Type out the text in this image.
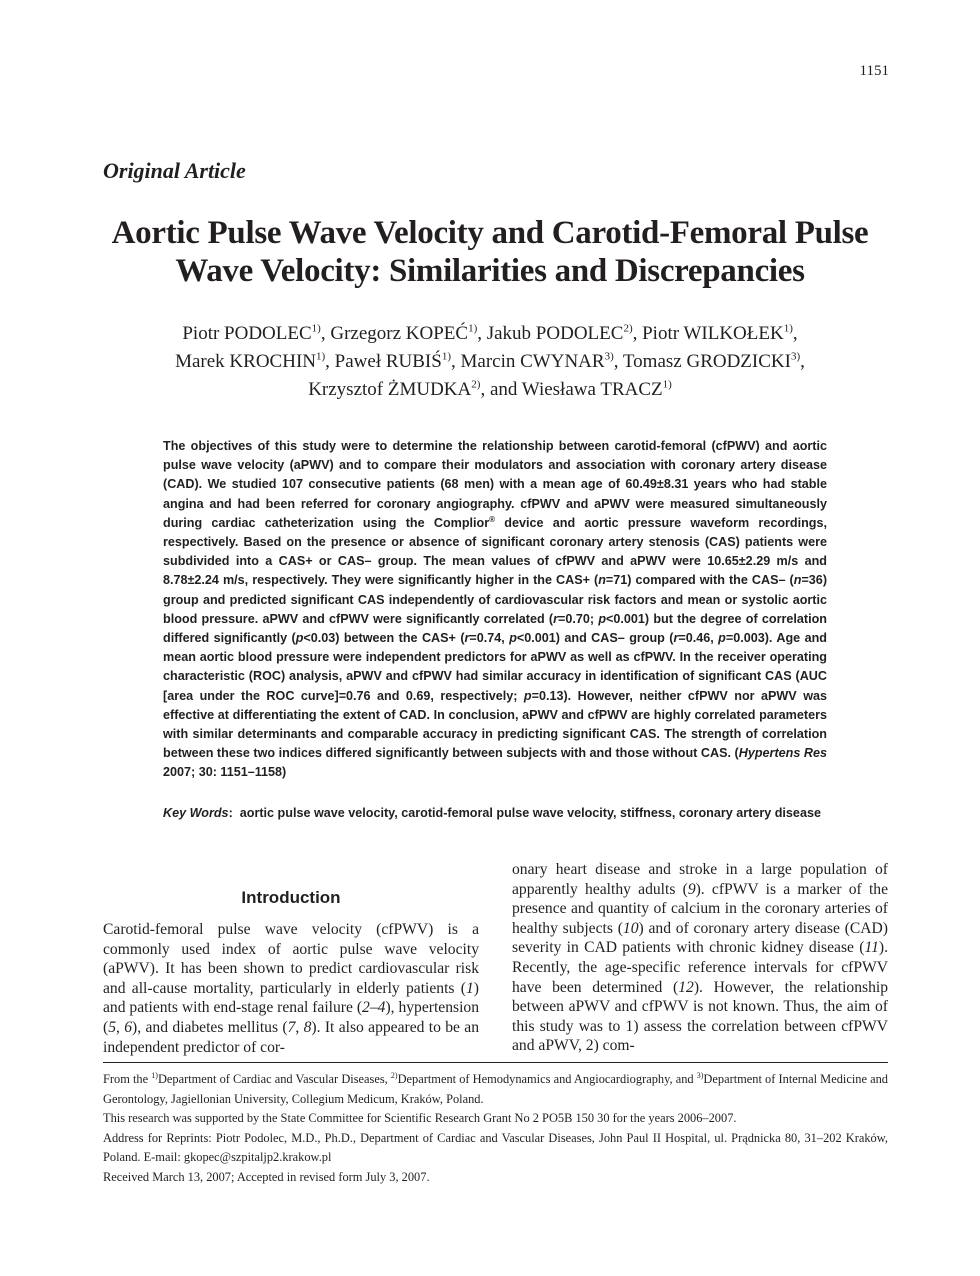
1151
Original Article
Aortic Pulse Wave Velocity and Carotid-Femoral Pulse Wave Velocity: Similarities and Discrepancies
Piotr PODOLEC$^{1)}$, Grzegorz KOPEĆ$^{1)}$, Jakub PODOLEC$^{2)}$, Piotr WILKOŁEK$^{1)}$,
Marek KROCHIN$^{1)}$, Paweł RUBIŚ$^{1)}$, Marcin CWYNAR$^{3)}$, Tomasz GRODZICKI$^{3)}$,
Krzysztof ŻMUDKA$^{2)}$, and Wiesława TRACZ$^{1)}$

The objectives of this study were to determine the relationship between carotid-femoral (cfPWV) and aortic pulse wave velocity (aPWV) and to compare their modulators and association with coronary artery disease (CAD). We studied 107 consecutive patients (68 men) with a mean age of 60.49±8.31 years who had stable angina and had been referred for coronary angiography. cfPWV and aPWV were measured simultaneously during cardiac catheterization using the Complior® device and aortic pressure waveform recordings, respectively. Based on the presence or absence of significant coronary artery stenosis (CAS) patients were subdivided into a CAS+ or CAS– group. The mean values of cfPWV and aPWV were 10.65±2.29 m/s and 8.78±2.24 m/s, respectively. They were significantly higher in the CAS+ (n=71) compared with the CAS– (n=36) group and predicted significant CAS independently of cardiovascular risk factors and mean or systolic aortic blood pressure. aPWV and cfPWV were significantly correlated (r=0.70; p<0.001) but the degree of correlation differed significantly (p<0.03) between the CAS+ (r=0.74, p<0.001) and CAS– group (r=0.46, p=0.003). Age and mean aortic blood pressure were independent predictors for aPWV as well as cfPWV. In the receiver operating characteristic (ROC) analysis, aPWV and cfPWV had similar accuracy in identification of significant CAS (AUC [area under the ROC curve]=0.76 and 0.69, respectively; p=0.13). However, neither cfPWV nor aPWV was effective at differentiating the extent of CAD. In conclusion, aPWV and cfPWV are highly correlated parameters with similar determinants and comparable accuracy in predicting significant CAS. The strength of correlation between these two indices differed significantly between subjects with and those without CAS. (Hypertens Res 2007; 30: 1151–1158)

Key Words: aortic pulse wave velocity, carotid-femoral pulse wave velocity, stiffness, coronary artery disease
Introduction

Carotid-femoral pulse wave velocity (cfPWV) is a commonly used index of aortic pulse wave velocity (aPWV). It has been shown to predict cardiovascular risk and all-cause mortality, particularly in elderly patients (1) and patients with end-stage renal failure (2–4), hypertension (5, 6), and diabetes mellitus (7, 8). It also appeared to be an independent predictor of cor-

onary heart disease and stroke in a large population of apparently healthy adults (9). cfPWV is a marker of the presence and quantity of calcium in the coronary arteries of healthy subjects (10) and of coronary artery disease (CAD) severity in CAD patients with chronic kidney disease (11). Recently, the age-specific reference intervals for cfPWV have been determined (12). However, the relationship between aPWV and cfPWV is not known. Thus, the aim of this study was to 1) assess the correlation between cfPWV and aPWV, 2) com-

From the $^{1)}$Department of Cardiac and Vascular Diseases, $^{2)}$Department of Hemodynamics and Angiocardiography, and $^{3)}$Department of Internal Medicine and Gerontology, Jagiellonian University, Collegium Medicum, Kraków, Poland.

This research was supported by the State Committee for Scientific Research Grant No 2 PO5B 150 30 for the years 2006–2007.

Address for Reprints: Piotr Podolec, M.D., Ph.D., Department of Cardiac and Vascular Diseases, John Paul II Hospital, ul. Prądnicka 80, 31–202 Kraków, Poland. E-mail: gkopec@szpitaljp2.krakow.pl

Received March 13, 2007; Accepted in revised form July 3, 2007.
